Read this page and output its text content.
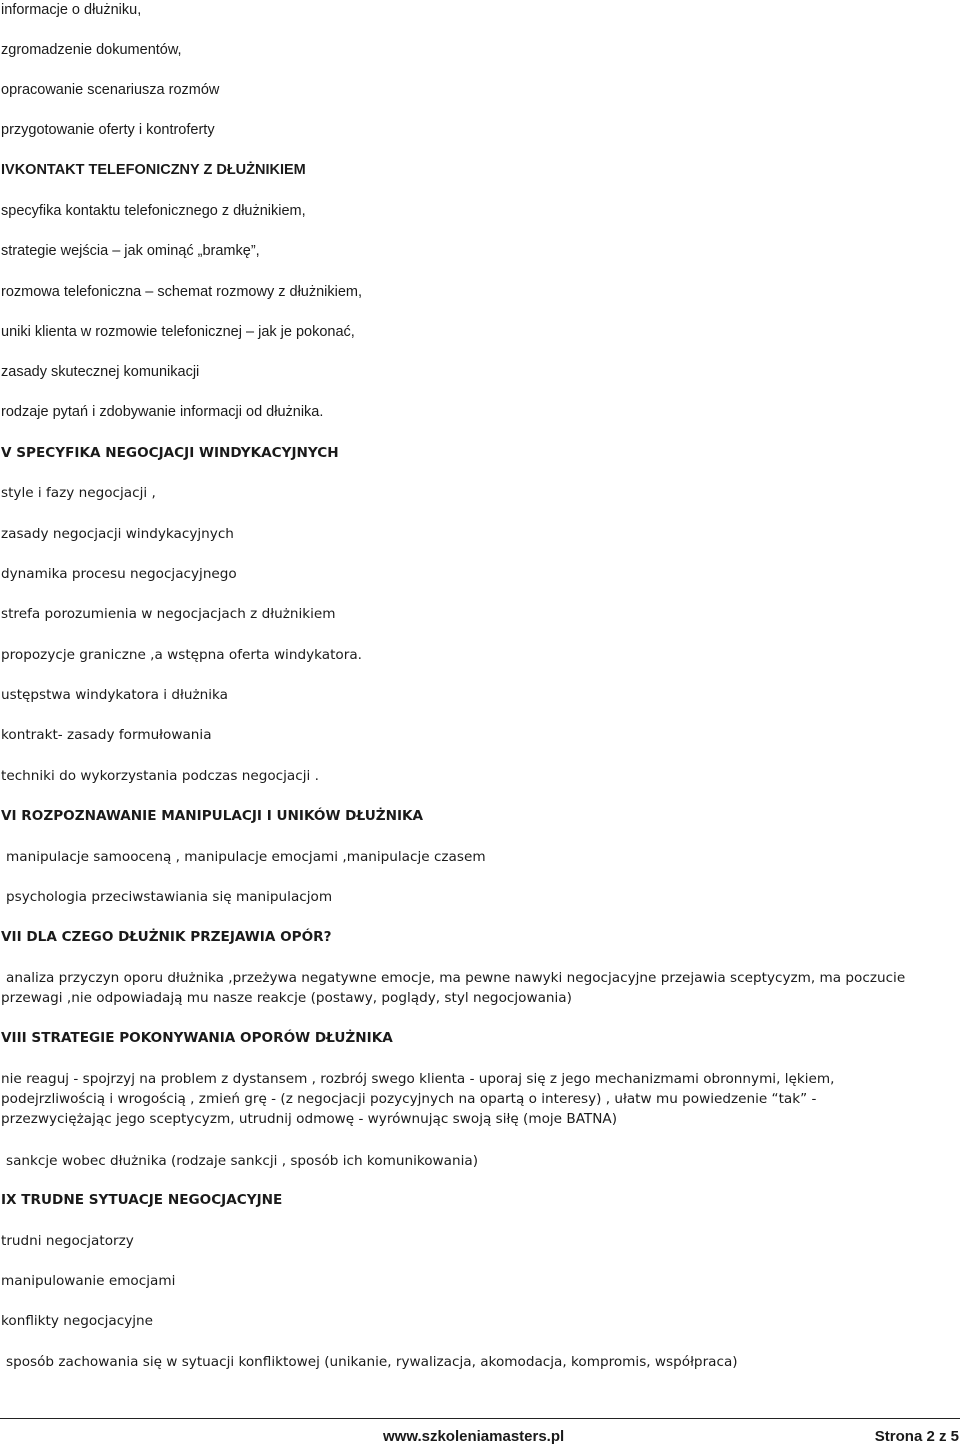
informacje o dłużniku,
zgromadzenie dokumentów,
opracowanie scenariusza rozmów
przygotowanie oferty i kontroferty
IVKONTAKT TELEFONICZNY Z DŁUŻNIKIEM
specyfika kontaktu telefonicznego z dłużnikiem,
strategie wejścia – jak ominąć „bramkę”,
rozmowa telefoniczna – schemat rozmowy z dłużnikiem,
uniki klienta w rozmowie telefonicznej – jak je pokonać,
zasady skutecznej komunikacji
rodzaje pytań i zdobywanie informacji od dłużnika.
V SPECYFIKA NEGOCJACJI WINDYKACYJNYCH
style i fazy negocjacji ,
zasady negocjacji windykacyjnych
dynamika procesu negocjacyjnego
strefa porozumienia w negocjacjach z dłużnikiem
propozycje graniczne ,a wstępna oferta windykatora.
ustępstwa windykatora i dłużnika
kontrakt- zasady formułowania
techniki do wykorzystania podczas negocjacji .
VI ROZPOZNAWANIE MANIPULACJI I UNIKÓW DŁUŻNIKA
manipulacje samooceną , manipulacje emocjami ,manipulacje czasem
psychologia przeciwstawiania się manipulacjom
VII DLA CZEGO DŁUŻNIK PRZEJAWIA OPÓR?
analiza przyczyn oporu dłużnika ,przeżywa negatywne emocje, ma pewne nawyki negocjacyjne przejawia sceptycyzm, ma poczucie
przewagi ,nie odpowiadają mu nasze reakcje (postawy, poglądy, styl negocjowania)
VIII STRATEGIE POKONYWANIA OPORÓW DŁUŻNIKA
nie reaguj - spojrzyj na problem z dystansem , rozbrój swego klienta - uporaj się z jego mechanizmami obronnymi, lękiem,
podejrzliwością i wrogością , zmień grę - (z negocjacji pozycyjnych na opartą o interesy) , ułatw mu powiedzenie “tak” -
przezwyciężając jego sceptycyzm, utrudnij odmowę - wyrównując swoją siłę (moje BATNA)
sankcje wobec dłużnika (rodzaje sankcji , sposób ich komunikowania)
IX TRUDNE SYTUACJE NEGOCJACYJNE
trudni negocjatorzy
manipulowanie emocjami
konflikty negocjacyjne
sposób zachowania się w sytuacji konfliktowej (unikanie, rywalizacja, akomodacja, kompromis, współpraca)
www.szkoleniamasters.pl	Strona 2 z 5
